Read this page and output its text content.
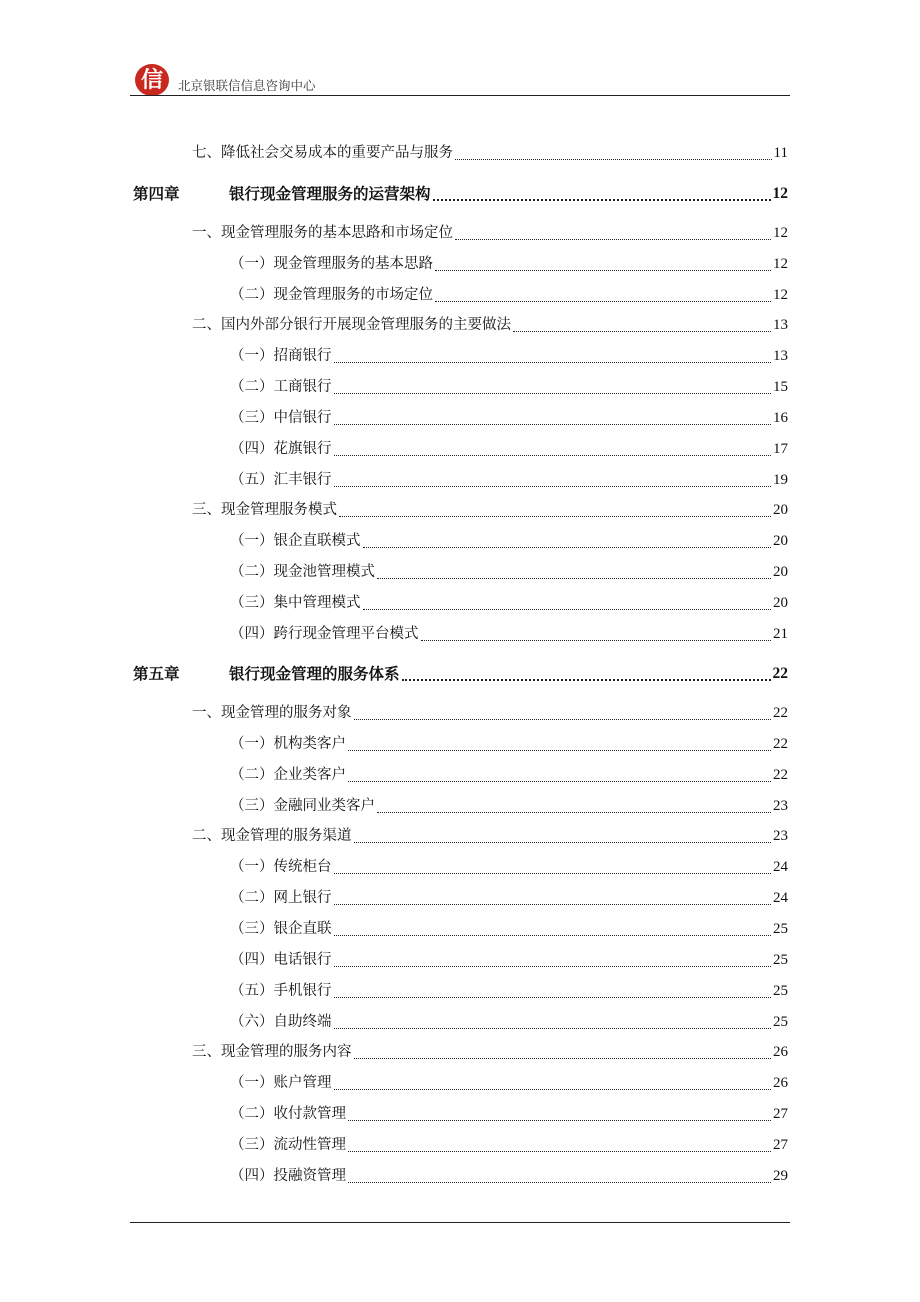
信	北京银联信信息咨询中心
七、降低社会交易成本的重要产品与服务	11
第四章	银行现金管理服务的运营架构	12
一、现金管理服务的基本思路和市场定位	12
（一）现金管理服务的基本思路	12
（二）现金管理服务的市场定位	12
二、国内外部分银行开展现金管理服务的主要做法	13
（一）招商银行	13
（二）工商银行	15
（三）中信银行	16
（四）花旗银行	17
（五）汇丰银行	19
三、现金管理服务模式	20
（一）银企直联模式	20
（二）现金池管理模式	20
（三）集中管理模式	20
（四）跨行现金管理平台模式	21
第五章	银行现金管理的服务体系	22
一、现金管理的服务对象	22
（一）机构类客户	22
（二）企业类客户	22
（三）金融同业类客户	23
二、现金管理的服务渠道	23
（一）传统柜台	24
（二）网上银行	24
（三）银企直联	25
（四）电话银行	25
（五）手机银行	25
（六）自助终端	25
三、现金管理的服务内容	26
（一）账户管理	26
（二）收付款管理	27
（三）流动性管理	27
（四）投融资管理	29
